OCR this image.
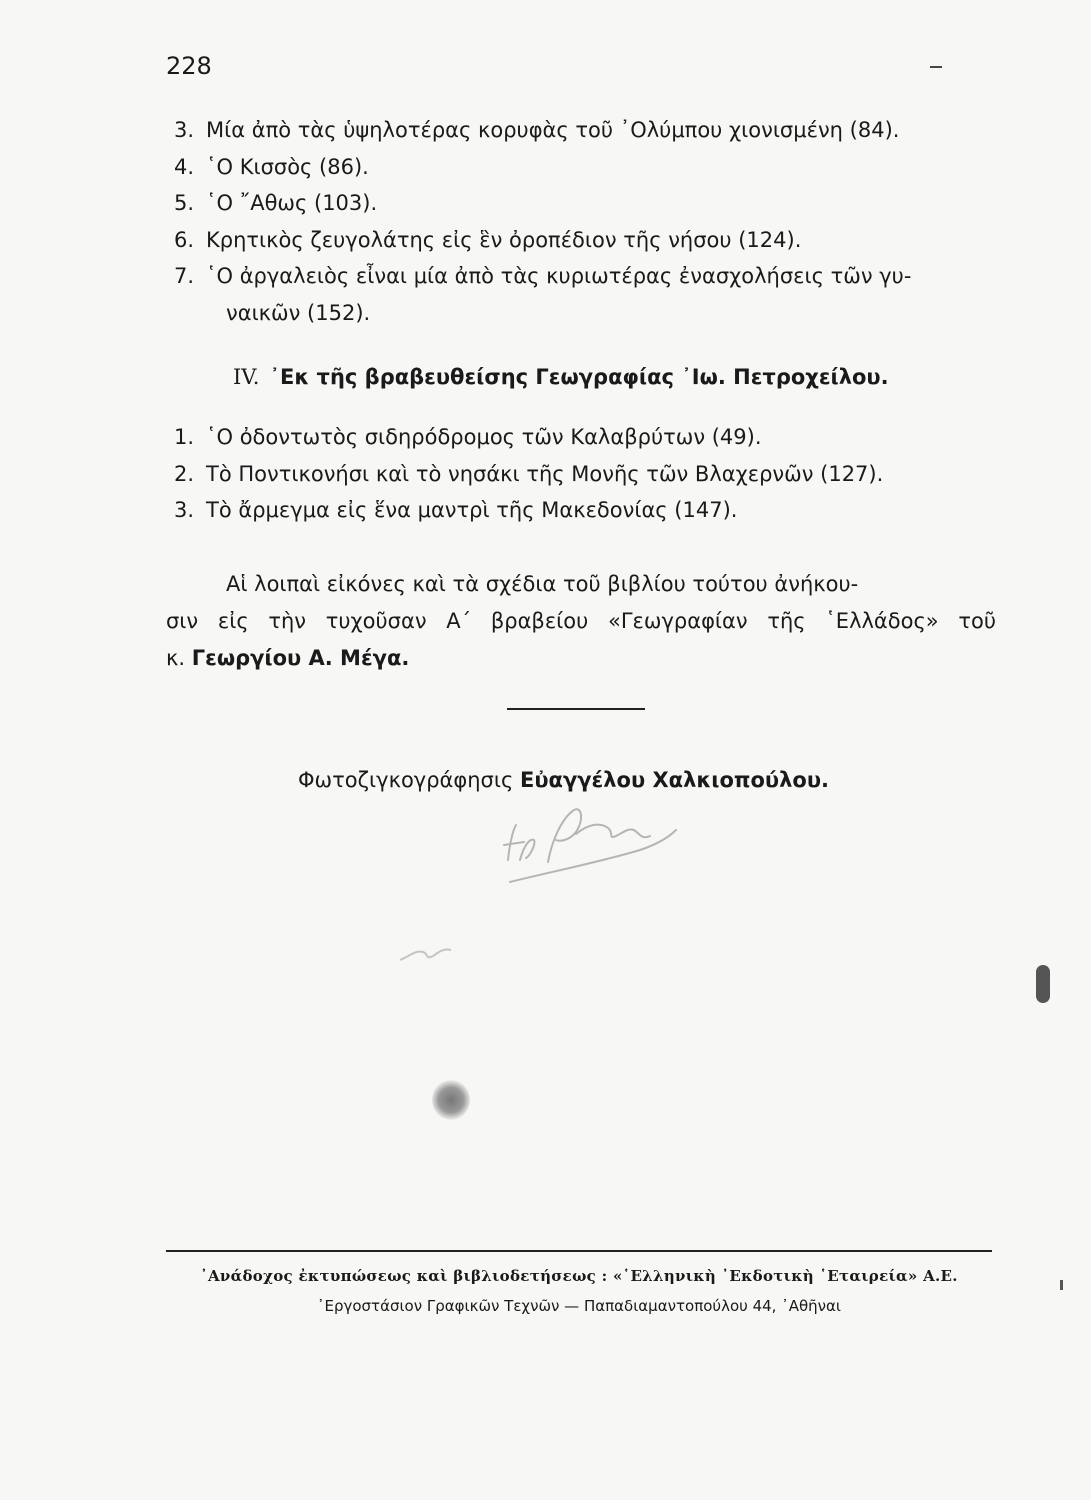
228
3. Μία ἀπὸ τὰς ὑψηλοτέρας κορυφὰς τοῦ ᾽Ολύμπου χιονισμένη (84).
4. ῾Ο Κισσὸς (86).
5. ῾Ο ῎Αθως (103).
6. Κρητικὸς ζευγολάτης εἰς ἓν ὀροπέδιον τῆς νήσου (124).
7. ῾Ο ἀργαλειὸς εἶναι μία ἀπὸ τὰς κυριωτέρας ἐνασχολήσεις τῶν γυ-
ναικῶν (152).
IV. ᾽Εκ τῆς βραβευθείσης Γεωγραφίας ᾽Ιω. Πετροχείλου.
1. ῾Ο ὀδοντωτὸς σιδηρόδρομος τῶν Καλαβρύτων (49).
2. Τὸ Ποντικονήσι καὶ τὸ νησάκι τῆς Μονῆς τῶν Βλαχερνῶν (127).
3. Τὸ ἄρμεγμα εἰς ἕνα μαντρὶ τῆς Μακεδονίας (147).
Αἱ λοιπαὶ εἰκόνες καὶ τὰ σχέδια τοῦ βιβλίου τούτου ἀνήκου-
σιν εἰς τὴν τυχοῦσαν Α΄ βραβείου «Γεωγραφίαν τῆς ῾Ελλάδος» τοῦ
κ. Γεωργίου Α. Μέγα.
Φωτοζιγκογράφησις Εὐαγγέλου Χαλκιοπούλου.
᾽Ανάδοχος ἐκτυπώσεως καὶ βιβλιοδετήσεως : «῾Ελληνικὴ ᾽Εκδοτικὴ ῾Εταιρεία» Α.Ε.
᾽Εργοστάσιον Γραφικῶν Τεχνῶν — Παπαδιαμαντοπούλου 44, ᾽Αθῆναι
